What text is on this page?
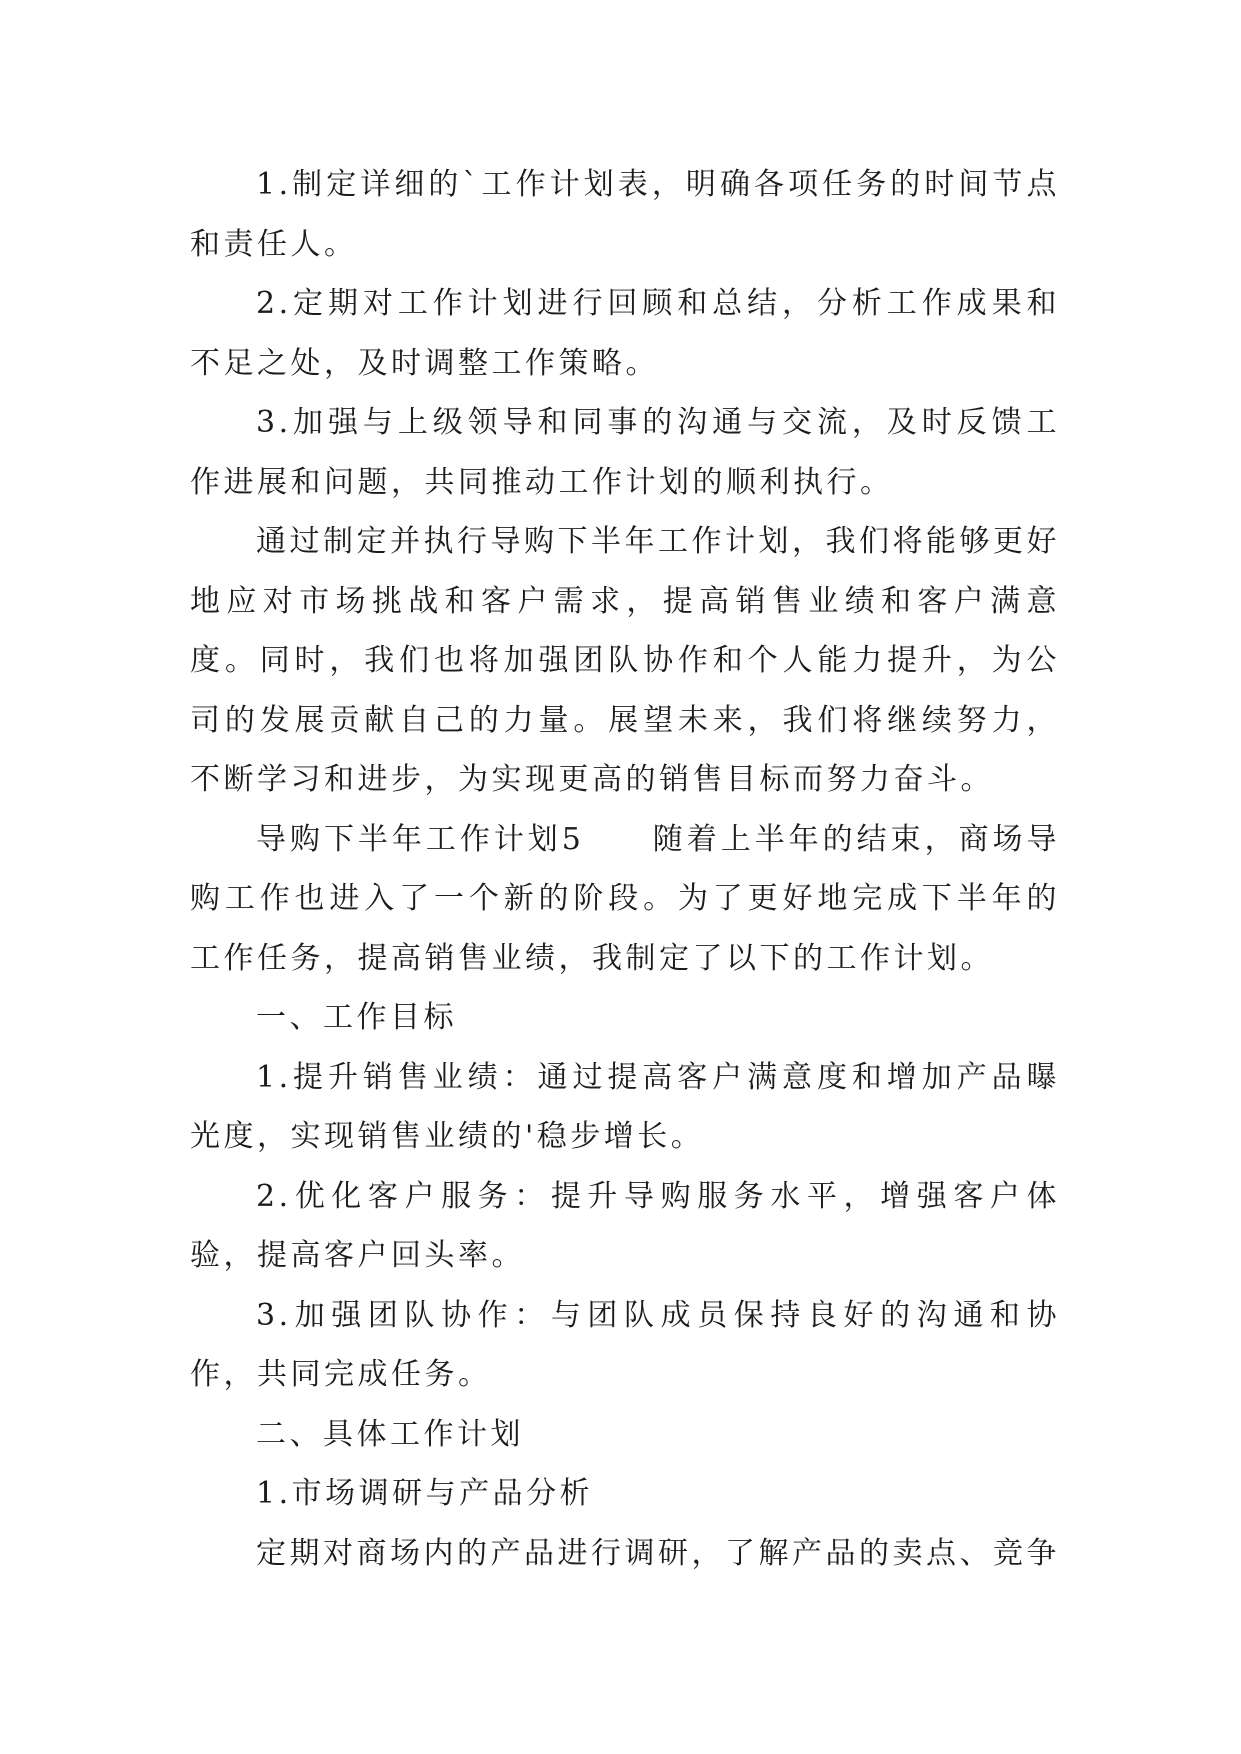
1.制定详细的`工作计划表，明确各项任务的时间节点和责任人。

2.定期对工作计划进行回顾和总结，分析工作成果和不足之处，及时调整工作策略。

3.加强与上级领导和同事的沟通与交流，及时反馈工作进展和问题，共同推动工作计划的顺利执行。

通过制定并执行导购下半年工作计划，我们将能够更好地应对市场挑战和客户需求，提高销售业绩和客户满意度。同时，我们也将加强团队协作和个人能力提升，为公司的发展贡献自己的力量。展望未来，我们将继续努力，不断学习和进步，为实现更高的销售目标而努力奋斗。

导购下半年工作计划5　　随着上半年的结束，商场导购工作也进入了一个新的阶段。为了更好地完成下半年的工作任务，提高销售业绩，我制定了以下的工作计划。

一、工作目标

1.提升销售业绩：通过提高客户满意度和增加产品曝光度，实现销售业绩的'稳步增长。

2.优化客户服务：提升导购服务水平，增强客户体验，提高客户回头率。

3.加强团队协作：与团队成员保持良好的沟通和协作，共同完成任务。

二、具体工作计划

1.市场调研与产品分析

定期对商场内的产品进行调研，了解产品的卖点、竞争
